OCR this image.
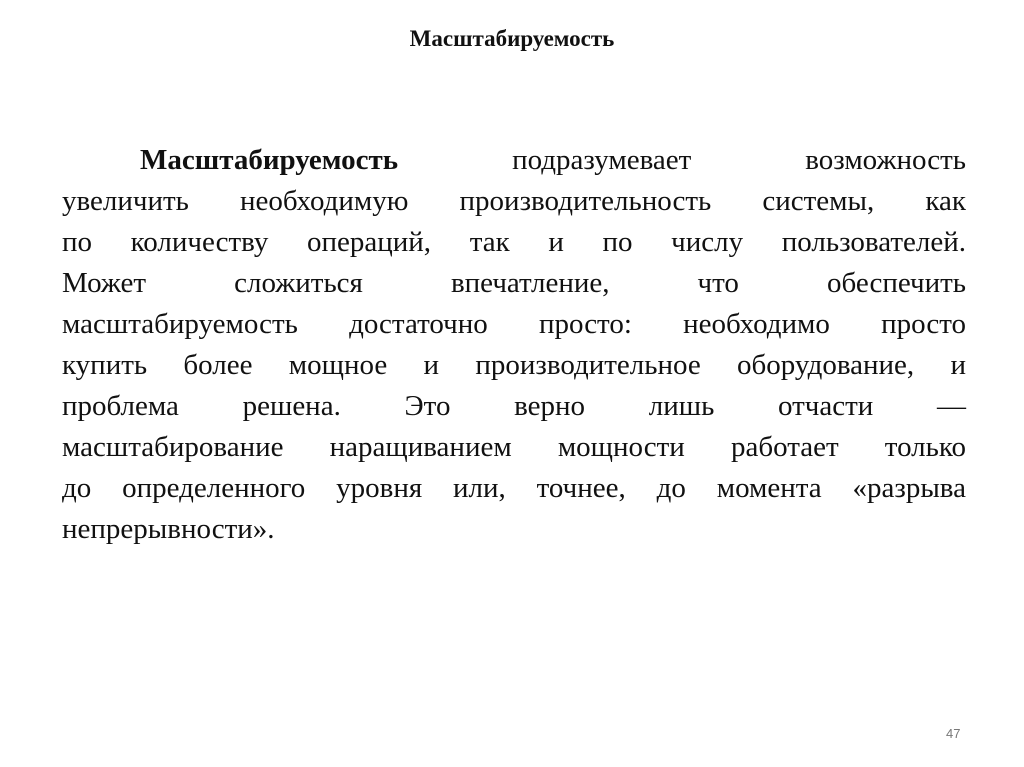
Масштабируемость
Масштабируемость	подразумевает возможность
увеличить необходимую производительность системы, как
по количеству операций, так и по числу пользователей.
Может сложиться впечатление, что обеспечить
масштабируемость достаточно просто: необходимо просто
купить более мощное и производительное оборудование, и
проблема решена. Это верно лишь отчасти —
масштабирование наращиванием мощности работает только
до определенного уровня или, точнее, до момента «разрыва
непрерывности».
47
